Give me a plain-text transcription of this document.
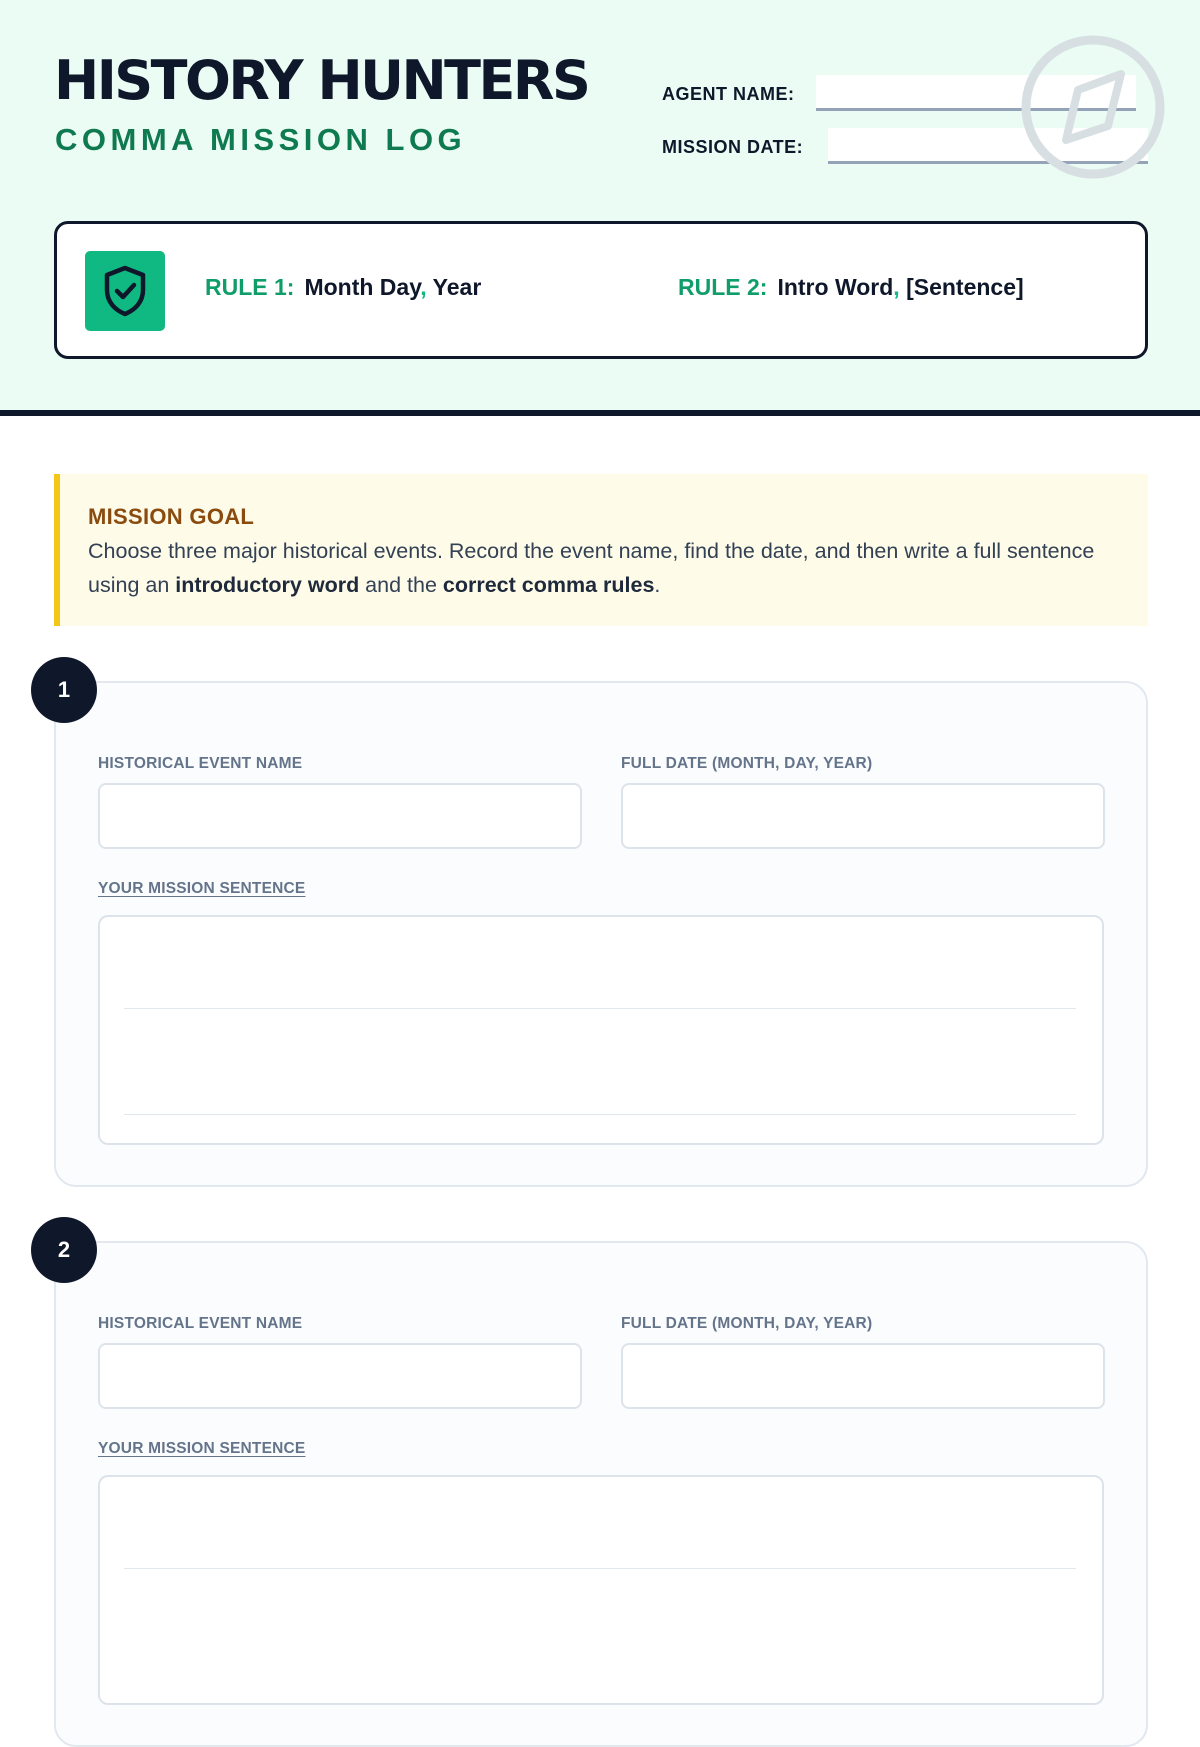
HISTORY HUNTERS
COMMA MISSION LOG
AGENT NAME:
MISSION DATE:
RULE 1: Month Day, Year	RULE 2: Intro Word, [Sentence]
MISSION GOAL
Choose three major historical events. Record the event name, find the date, and then write a full sentence using an introductory word and the correct comma rules.
HISTORICAL EVENT NAME	FULL DATE (MONTH, DAY, YEAR)
YOUR MISSION SENTENCE
1
HISTORICAL EVENT NAME	FULL DATE (MONTH, DAY, YEAR)
YOUR MISSION SENTENCE
2
